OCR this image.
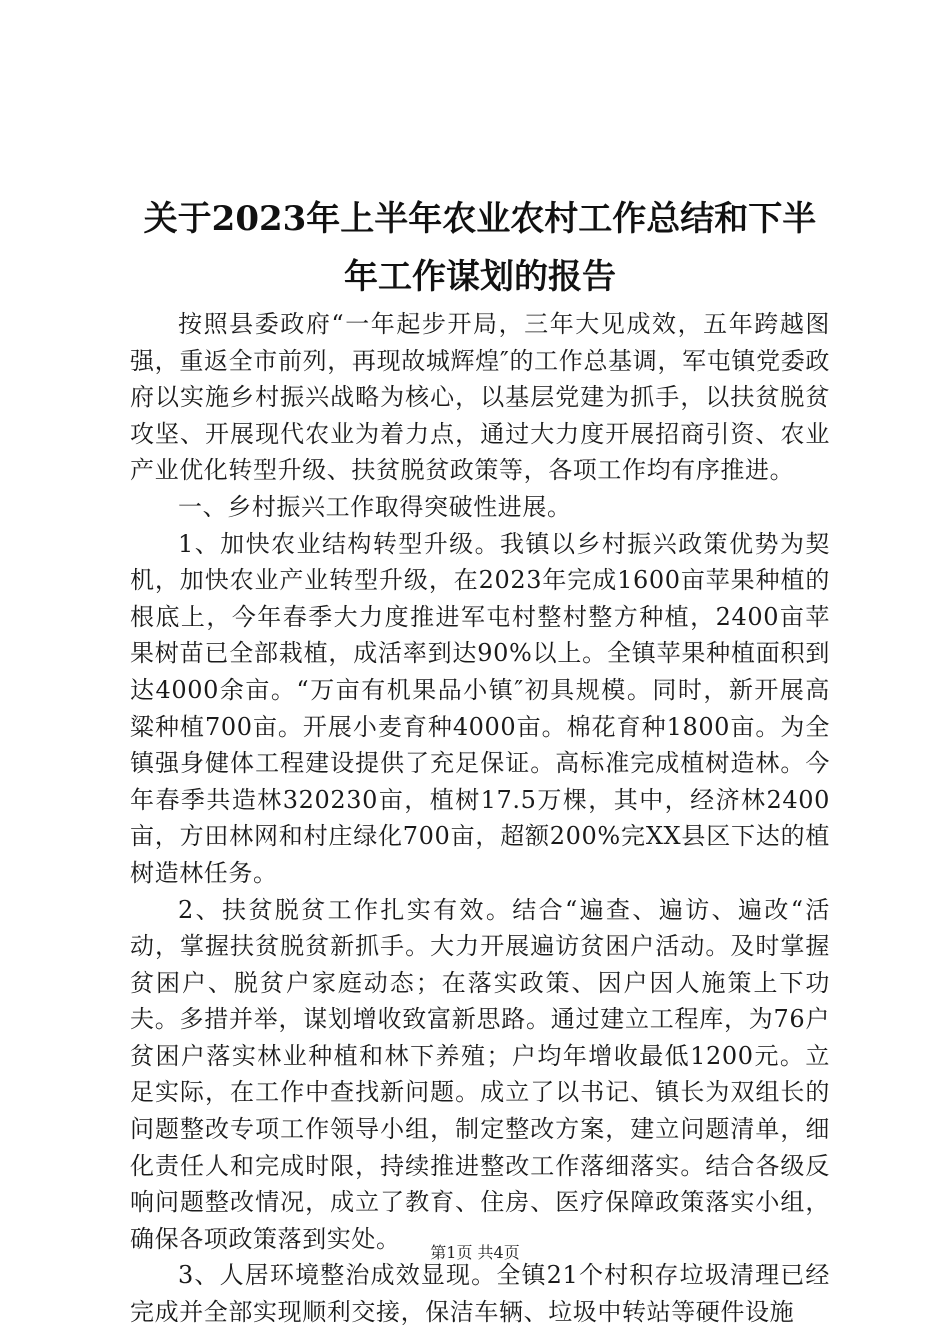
关于2023年上半年农业农村工作总结和下半
年工作谋划的报告

按照县委政府“一年起步开局，三年大见成效，五年跨越图强，重返全市前列，再现故城辉煌″的工作总基调，军屯镇党委政府以实施乡村振兴战略为核心，以基层党建为抓手，以扶贫脱贫攻坚、开展现代农业为着力点，通过大力度开展招商引资、农业产业优化转型升级、扶贫脱贫政策等，各项工作均有序推进。

一、乡村振兴工作取得突破性进展。

1、加快农业结构转型升级。我镇以乡村振兴政策优势为契机，加快农业产业转型升级，在2023年完成1600亩苹果种植的根底上，今年春季大力度推进军屯村整村整方种植，2400亩苹果树苗已全部栽植，成活率到达90%以上。全镇苹果种植面积到达4000余亩。“万亩有机果品小镇″初具规模。同时，新开展高粱种植700亩。开展小麦育种4000亩。棉花育种1800亩。为全镇强身健体工程建设提供了充足保证。高标准完成植树造林。今年春季共造林320230亩，植树17.5万棵，其中，经济林2400亩，方田林网和村庄绿化700亩，超额200%完XX县区下达的植树造林任务。

2、扶贫脱贫工作扎实有效。结合“遍查、遍访、遍改“活动，掌握扶贫脱贫新抓手。大力开展遍访贫困户活动。及时掌握贫困户、脱贫户家庭动态；在落实政策、因户因人施策上下功夫。多措并举，谋划增收致富新思路。通过建立工程库，为76户贫困户落实林业种植和林下养殖；户均年增收最低1200元。立足实际，在工作中查找新问题。成立了以书记、镇长为双组长的问题整改专项工作领导小组，制定整改方案，建立问题清单，细化责任人和完成时限，持续推进整改工作落细落实。结合各级反响问题整改情况，成立了教育、住房、医疗保障政策落实小组，确保各项政策落到实处。

3、人居环境整治成效显现。全镇21个村积存垃圾清理已经完成并全部实现顺利交接，保洁车辆、垃圾中转站等硬件设施

第1页 共4页
